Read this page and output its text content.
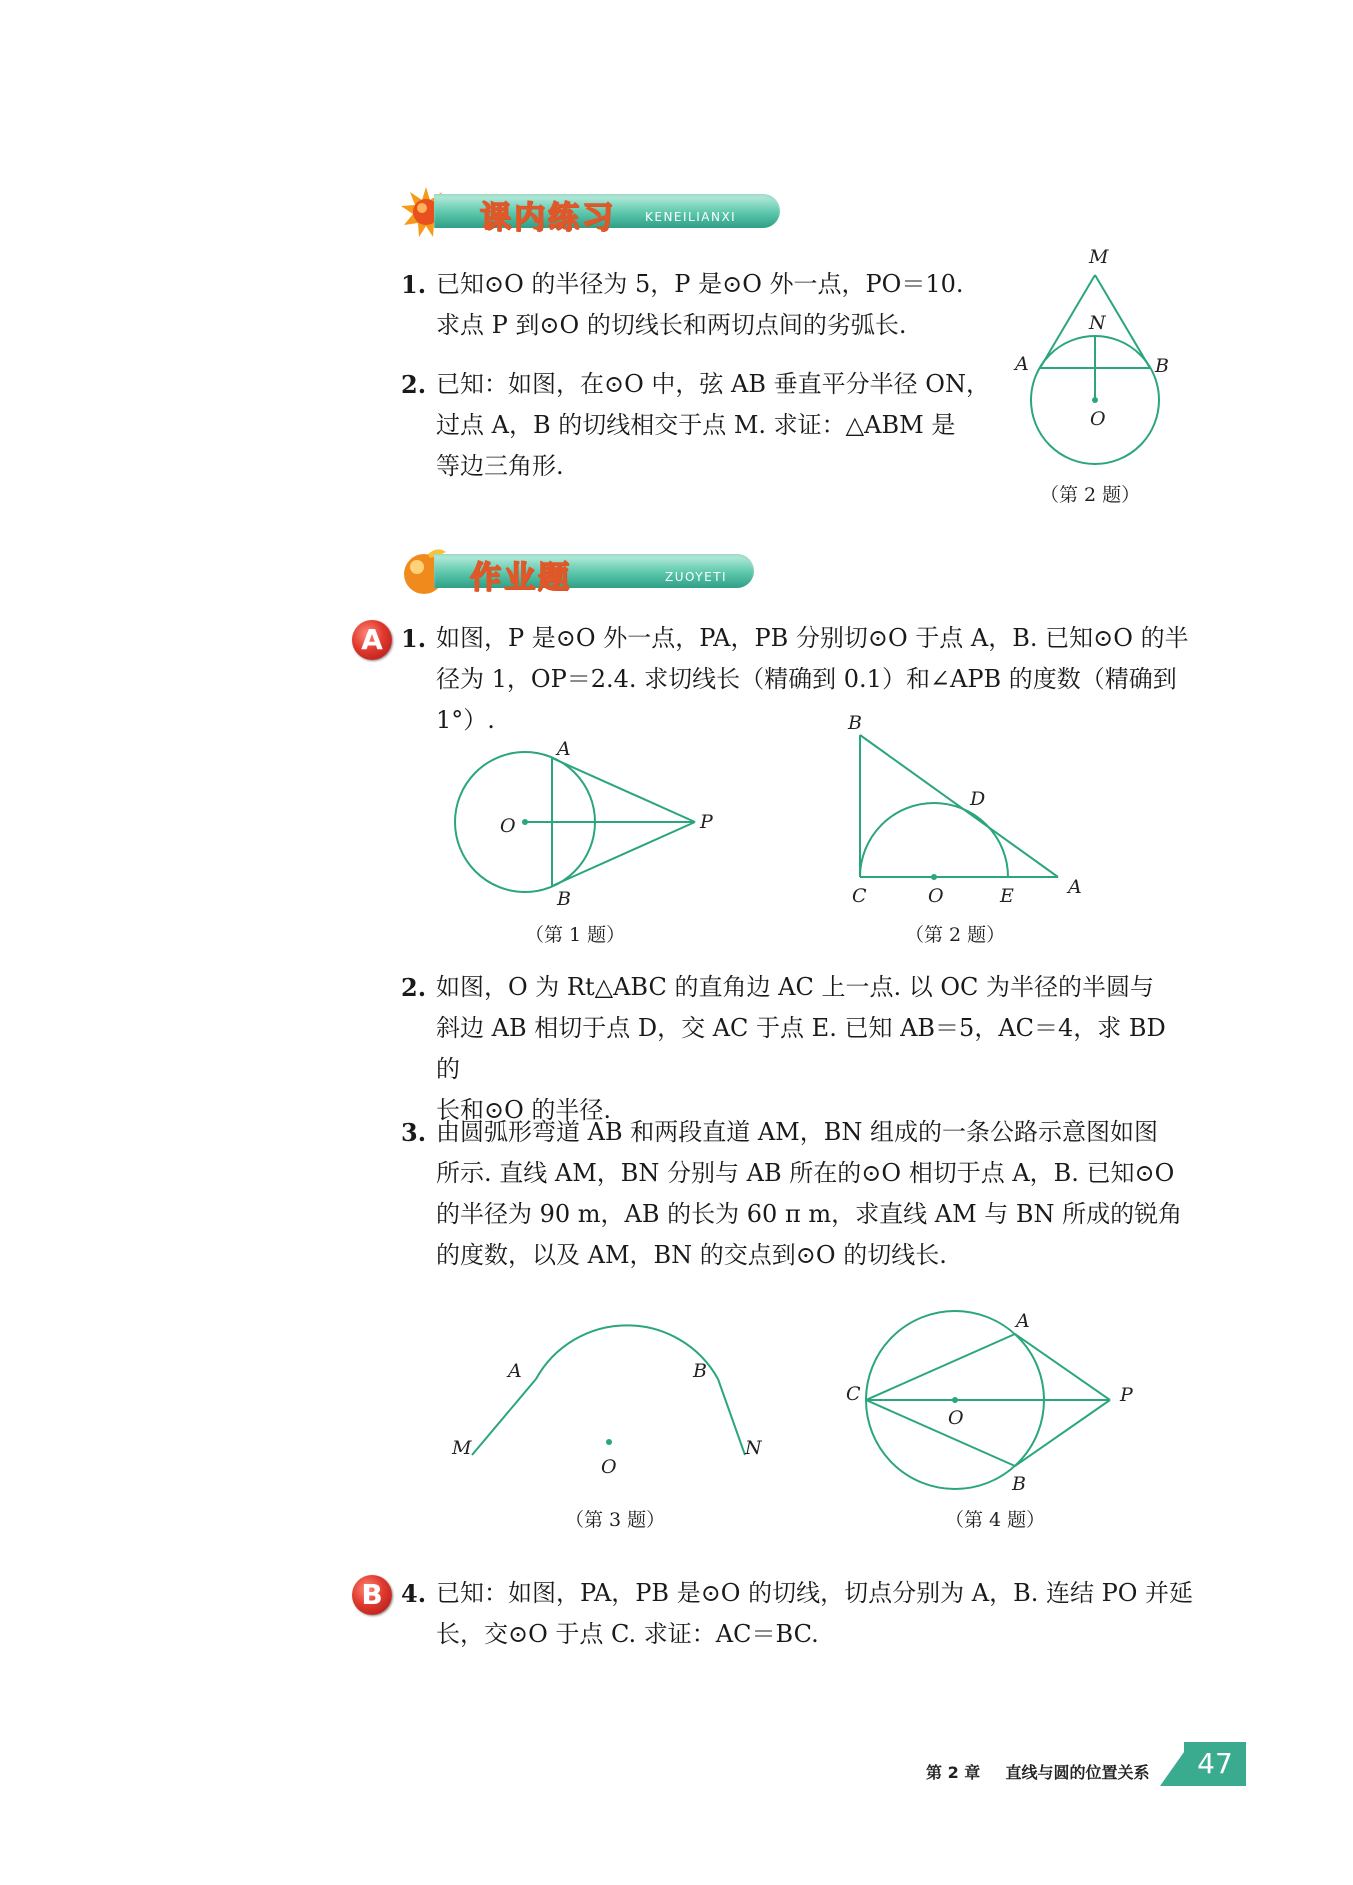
课内练习 KENEILIANXI
1. 已知⊙O 的半径为 5，P 是⊙O 外一点，PO＝10.
求点 P 到⊙O 的切线长和两切点间的劣弧长.
2. 已知：如图，在⊙O 中，弦 AB 垂直平分半径 ON，
过点 A，B 的切线相交于点 M. 求证：△ABM 是
等边三角形.
M
N
A	B
O
（第 2 题）
作业题	ZUOYETI
A 1. 如图，P 是⊙O 外一点，PA，PB 分别切⊙O 于点 A，B. 已知⊙O 的半
径为 1，OP＝2.4. 求切线长（精确到 0.1）和∠APB 的度数（精确到 1°）.
A
O	P
B
（第 1 题）
B
D
C	O	E	A
（第 2 题）
2. 如图，O 为 Rt△ABC 的直角边 AC 上一点. 以 OC 为半径的半圆与
斜边 AB 相切于点 D，交 AC 于点 E. 已知 AB＝5，AC＝4，求 BD 的
长和⊙O 的半径.
3. 由圆弧形弯道 AB 和两段直道 AM，BN 组成的一条公路示意图如图
所示. 直线 AM，BN 分别与 AB 所在的⊙O 相切于点 A，B. 已知⊙O
的半径为 90 m，AB 的长为 60 π m，求直线 AM 与 BN 所成的锐角
的度数，以及 AM，BN 的交点到⊙O 的切线长.
A	B
M	N
O
（第 3 题）
A
C
O
P
B
（第 4 题）
B 4. 已知：如图，PA，PB 是⊙O 的切线，切点分别为 A，B. 连结 PO 并延
长，交⊙O 于点 C. 求证：AC＝BC.
第 2 章 直线与圆的位置关系	47
